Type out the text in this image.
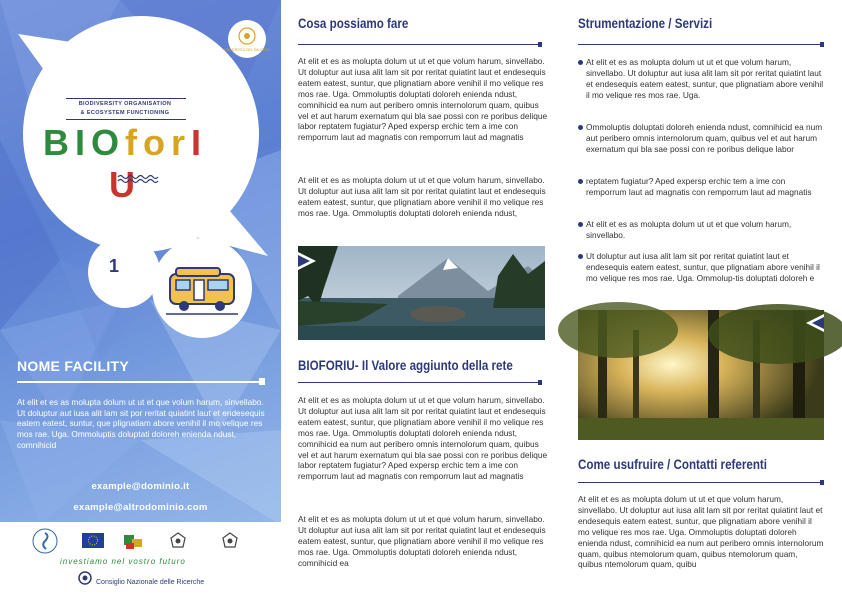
UNIVERSITÀ DEL SALENTO
BIODIVERSITY ORGANISATION
& ECOSYSTEM FUNCTIONING
BIOforIU
1
NOME FACILITY
At elit et es as molupta dolum ut ut et que volum harum, sinvellabo. Ut doluptur aut iusa alit lam sit por reritat quiatint laut et endesequis eatem eatest, suntur, que plignatiam abore venihil il mo velique res mos rae. Uga. Ommoluptis doluptati doloreh enienda ndust, comnihicid
example@dominio.it
example@altrodominio.com
investiamo nel vostro futuro
Consiglio Nazionale delle Ricerche
Cosa possiamo fare
At elit et es as molupta dolum ut ut et que volum harum, sinvellabo. Ut doluptur aut iusa alit lam sit por reritat quiatint laut et endesequis eatem eatest, suntur, que plignatiam abore venihil il mo velique res mos rae. Uga. Ommoluptis doluptati doloreh enienda ndust, comnihicid ea num aut peribero omnis internolorum quam, quibus vel et aut harum exernatum qui bla sae possi con re poribus delique labor reptatem fugiatur? Aped expersp erchic tem a ime con remporrum laut ad magnatis con remporrum laut ad magnatis
At elit et es as molupta dolum ut ut et que volum harum, sinvellabo. Ut doluptur aut iusa alit lam sit por reritat quiatint laut et endesequis eatem eatest, suntur, que plignatiam abore venihil il mo velique res mos rae. Uga. Ommoluptis doluptati doloreh enienda ndust,
BIOFORIU- Il Valore aggiunto della rete
At elit et es as molupta dolum ut ut et que volum harum, sinvellabo. Ut doluptur aut iusa alit lam sit por reritat quiatint laut et endesequis eatem eatest, suntur, que plignatiam abore venihil il mo velique res mos rae. Uga. Ommoluptis doluptati doloreh enienda ndust, comnihicid ea num aut peribero omnis internolorum quam, quibus vel et aut harum exernatum qui bla sae possi con re poribus delique labor reptatem fugiatur? Aped expersp erchic tem a ime con remporrum laut ad magnatis con remporrum laut ad magnatis
At elit et es as molupta dolum ut ut et que volum harum, sinvellabo. Ut doluptur aut iusa alit lam sit por reritat quiatint laut et endesequis eatem eatest, suntur, que plignatiam abore venihil il mo velique res mos rae. Uga. Ommoluptis doluptati doloreh enienda ndust, comnihicid ea
Strumentazione / Servizi
At elit et es as molupta dolum ut ut et que volum harum, sinvellabo. Ut doluptur aut iusa alit lam sit por reritat quiatint laut et endesequis eatem eatest, suntur, que plignatiam abore venihil il mo velique res mos rae. Uga.
Ommoluptis doluptati doloreh enienda ndust, comnihicid ea num aut peribero omnis internolorum quam, quibus vel et aut harum exernatum qui bla sae possi con re poribus delique labor
reptatem fugiatur? Aped expersp erchic tem a ime con remporrum laut ad magnatis con remporrum laut ad magnatis
At elit et es as molupta dolum ut ut et que volum harum, sinvellabo.
Ut doluptur aut iusa alit lam sit por reritat quiatint laut et endesequis eatem eatest, suntur, que plignatiam abore venihil il mo velique res mos rae. Uga. Ommolup-tis doluptati doloreh e
Come usufruire / Contatti referenti
At elit et es as molupta dolum ut ut et que volum harum, sinvellabo. Ut doluptur aut iusa alit lam sit por reritat quiatint laut et endesequis eatem eatest, suntur, que plignatiam abore venihil il mo velique res mos rae. Uga. Ommoluptis doluptati doloreh enienda ndust, comnihicid ea num aut peribero omnis internolorum quam, quibus ntemolorum quam, quibus ntemolorum quam, quibus ntemolorum quam, quibu
